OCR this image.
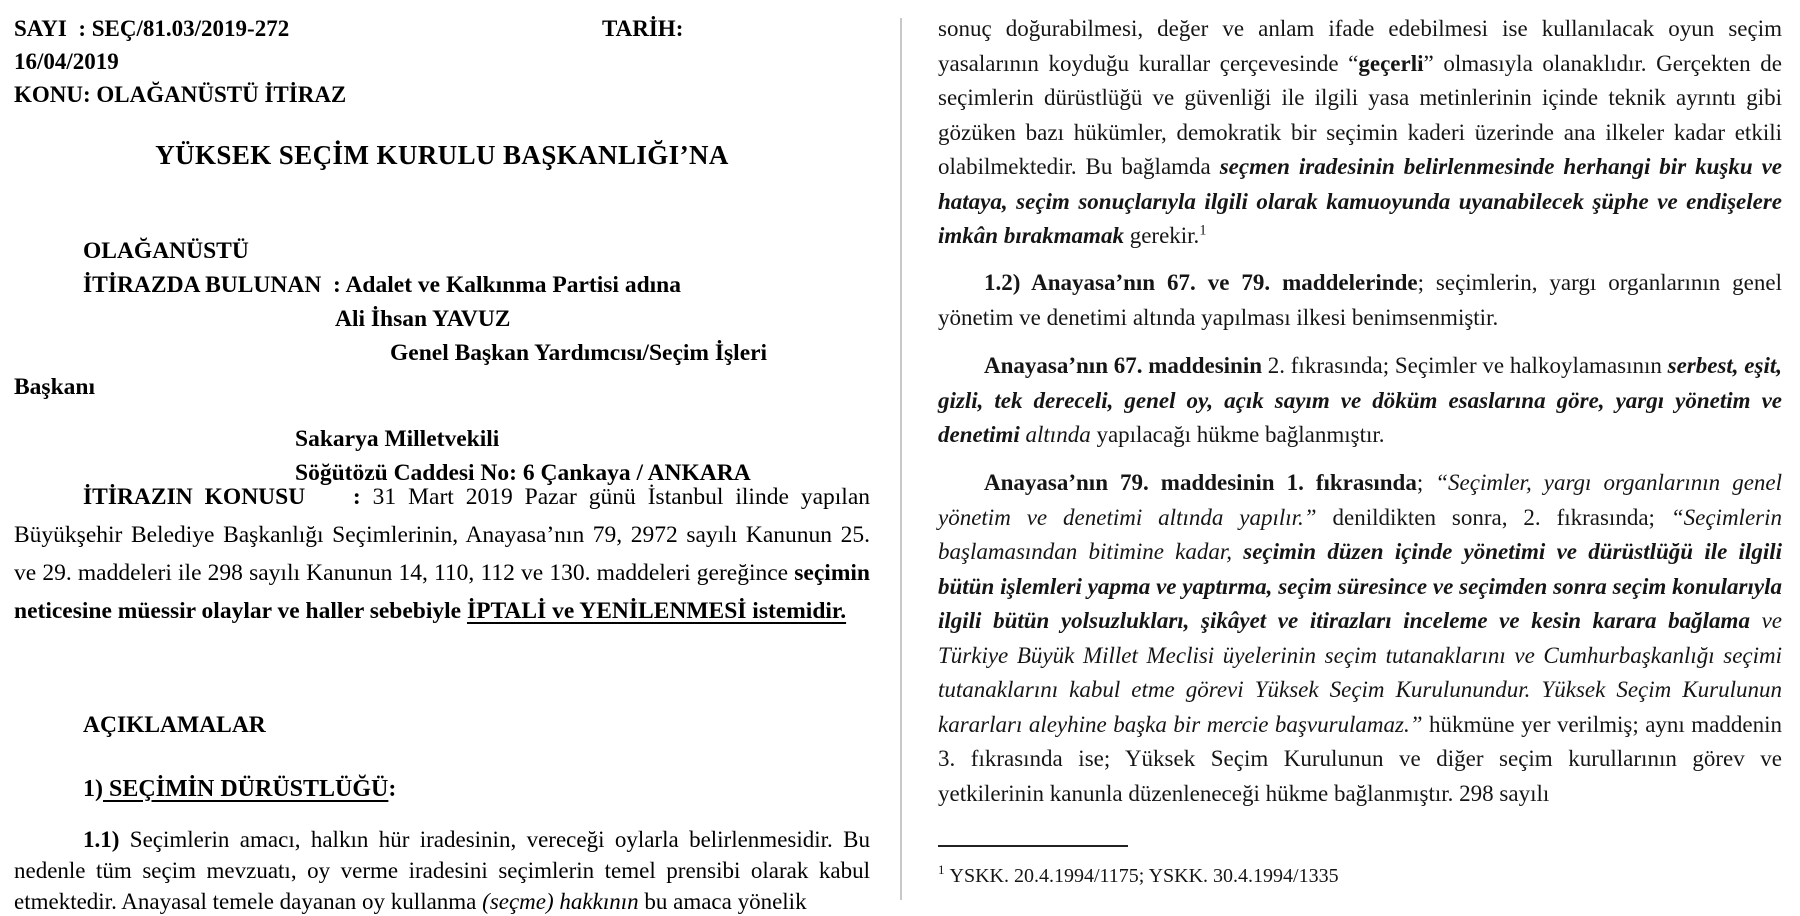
SAYI  : SEÇ/81.03/2019-272	TARİH:
16/04/2019
KONU: OLAĞANÜSTÜ İTİRAZ
YÜKSEK SEÇİM KURULU BAŞKANLIĞI’NA
OLAĞANÜSTÜ
İTİRAZDA BULUNAN  : Adalet ve Kalkınma Partisi adına
Ali İhsan YAVUZ
Genel Başkan Yardımcısı/Seçim İşleri
Başkanı
Sakarya Milletvekili
Söğütözü Caddesi No: 6 Çankaya / ANKARA
İTİRAZIN KONUSU    : 31 Mart 2019 Pazar günü İstanbul ilinde yapılan Büyükşehir Belediye Başkanlığı Seçimlerinin, Anayasa’nın 79, 2972 sayılı Kanunun 25. ve 29. maddeleri ile 298 sayılı Kanunun 14, 110, 112 ve 130. maddeleri gereğince seçimin neticesine müessir olaylar ve haller sebebiyle İPTALİ ve YENİLENMESİ istemidir.
AÇIKLAMALAR
1) SEÇİMİN DÜRÜSTLÜĞÜ:
1.1) Seçimlerin amacı, halkın hür iradesinin, vereceği oylarla belirlenmesidir. Bu nedenle tüm seçim mevzuatı, oy verme iradesini seçimlerin temel prensibi olarak kabul etmektedir. Anayasal temele dayanan oy kullanma (seçme) hakkının bu amaca yönelik
sonuç doğurabilmesi, değer ve anlam ifade edebilmesi ise kullanılacak oyun seçim yasalarının koyduğu kurallar çerçevesinde “geçerli” olmasıyla olanaklıdır. Gerçekten de seçimlerin dürüstlüğü ve güvenliği ile ilgili yasa metinlerinin içinde teknik ayrıntı gibi gözüken bazı hükümler, demokratik bir seçimin kaderi üzerinde ana ilkeler kadar etkili olabilmektedir. Bu bağlamda seçmen iradesinin belirlenmesinde herhangi bir kuşku ve hataya, seçim sonuçlarıyla ilgili olarak kamuoyunda uyanabilecek şüphe ve endişelere imkân bırakmamak gerekir.$^1$
1.2) Anayasa’nın 67. ve 79. maddelerinde; seçimlerin, yargı organlarının genel yönetim ve denetimi altında yapılması ilkesi benimsenmiştir.
Anayasa’nın 67. maddesinin 2. fıkrasında; Seçimler ve halkoylamasının serbest, eşit, gizli, tek dereceli, genel oy, açık sayım ve döküm esaslarına göre, yargı yönetim ve denetimi altında yapılacağı hükme bağlanmıştır.
Anayasa’nın 79. maddesinin 1. fıkrasında; “Seçimler, yargı organlarının genel yönetim ve denetimi altında yapılır.” denildikten sonra, 2. fıkrasında; “Seçimlerin başlamasından bitimine kadar, seçimin düzen içinde yönetimi ve dürüstlüğü ile ilgili bütün işlemleri yapma ve yaptırma, seçim süresince ve seçimden sonra seçim konularıyla ilgili bütün yolsuzlukları, şikâyet ve itirazları inceleme ve kesin karara bağlama ve Türkiye Büyük Millet Meclisi üyelerinin seçim tutanaklarını ve Cumhurbaşkanlığı seçimi tutanaklarını kabul etme görevi Yüksek Seçim Kurulunundur. Yüksek Seçim Kurulunun kararları aleyhine başka bir mercie başvurulamaz.” hükmüne yer verilmiş; aynı maddenin 3. fıkrasında ise; Yüksek Seçim Kurulunun ve diğer seçim kurullarının görev ve yetkilerinin kanunla düzenleneceği hükme bağlanmıştır. 298 sayılı
$^1$ YSKK. 20.4.1994/1175; YSKK. 30.4.1994/1335
